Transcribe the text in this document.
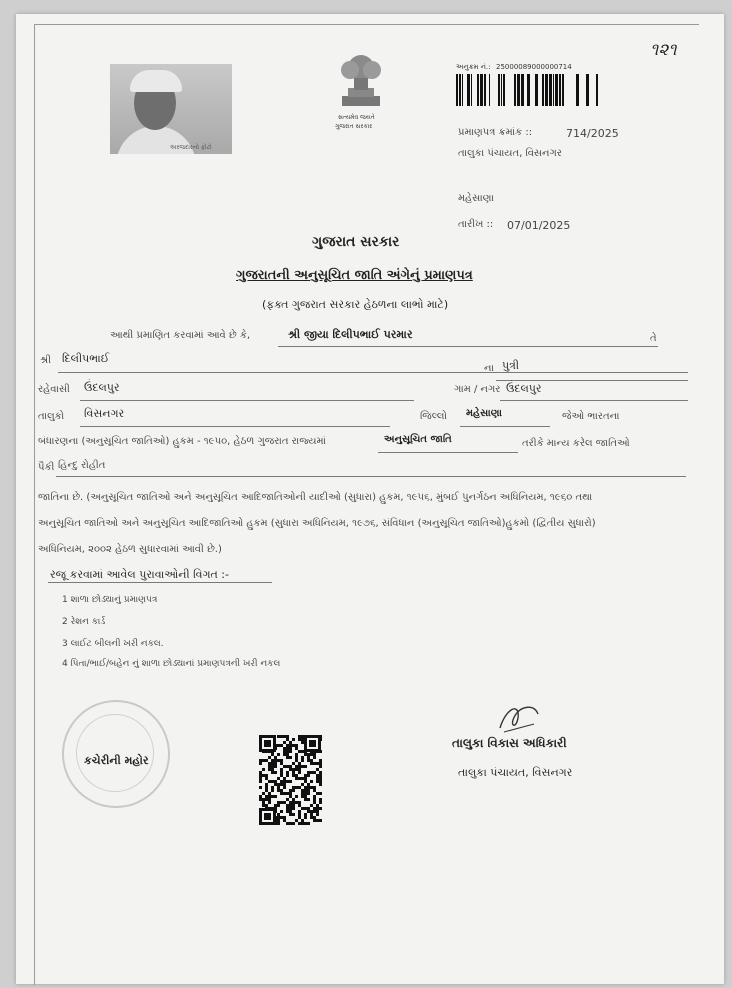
૧૨૧
અરજદારનો ફોટો
સત્યમેવ જયતે
ગુજરાત સરકાર
અનુક્રમ નં.: 25000089000000714
પ્રમાણપત્ર ક્રમાંક ::	714/2025
તાલુકા પંચાયત, વિસનગર
મહેસાણા
તારીખ :: 07/01/2025
ગુજરાત સરકાર
ગુજરાતની અનુસૂચિત જાતિ અંગેનું પ્રમાણપત્ર
(ફક્ત ગુજરાત સરકાર હેઠળના લાભો માટે)
આથી પ્રમાણિત કરવામાં આવે છે કે,	શ્રી જીયા દિલીપભાઈ પરમાર	તે
શ્રી દિલીપભાઈ
ના પુત્રી
રહેવાસી ઉંદલપુર	ગામ / નગર ઉંદલપુર
તાલુકો વિસનગર	જિલ્લો મહેસાણા	જેઓ ભારતના
બંધારણના (અનુસૂચિત જાતિઓ) હુકમ - ૧૯૫૦, હેઠળ ગુજરાત રાજ્યમાં	અનુસૂચિત જાતિ	તરીકે માન્ય કરેલ જાતિઓ
પૈકી હિન્દુ રોહીત
જાતિના છે. (અનુસૂચિત જાતિઓ અને અનુસૂચિત આદિજાતિઓની યાદીઓ (સુધારા) હુકમ, ૧૯૫૬, મુંબઈ પુનર્ગઠન અધિનિયમ, ૧૯૬૦ તથા
અનુસૂચિત જાતિઓ અને અનુસૂચિત આદિજાતિઓ હુકમ (સુધારા અધિનિયમ, ૧૯૭૬, સંવિધાન (અનુસૂચિત જાતિઓ)હુકમો (દ્વિતીય સુધારો)
અધિનિયમ, ૨૦૦૨ હેઠળ સુધારવામાં આવી છે.)
રજૂ કરવામાં આવેલ પુરાવાઓની વિગત :-
1 શાળા છોડ્યાનું પ્રમાણપત્ર
2 રેશન કાર્ડ
3 લાઈટ બીલની ખરી નકલ.
4 પિતા/ભાઈ/બહેન નું શાળા છોડ્યાનાં પ્રમાણપત્રની ખરી નકલ
કચેરીની મહોર
તાલુકા વિકાસ અધિકારી
તાલુકા પંચાયત, વિસનગર
